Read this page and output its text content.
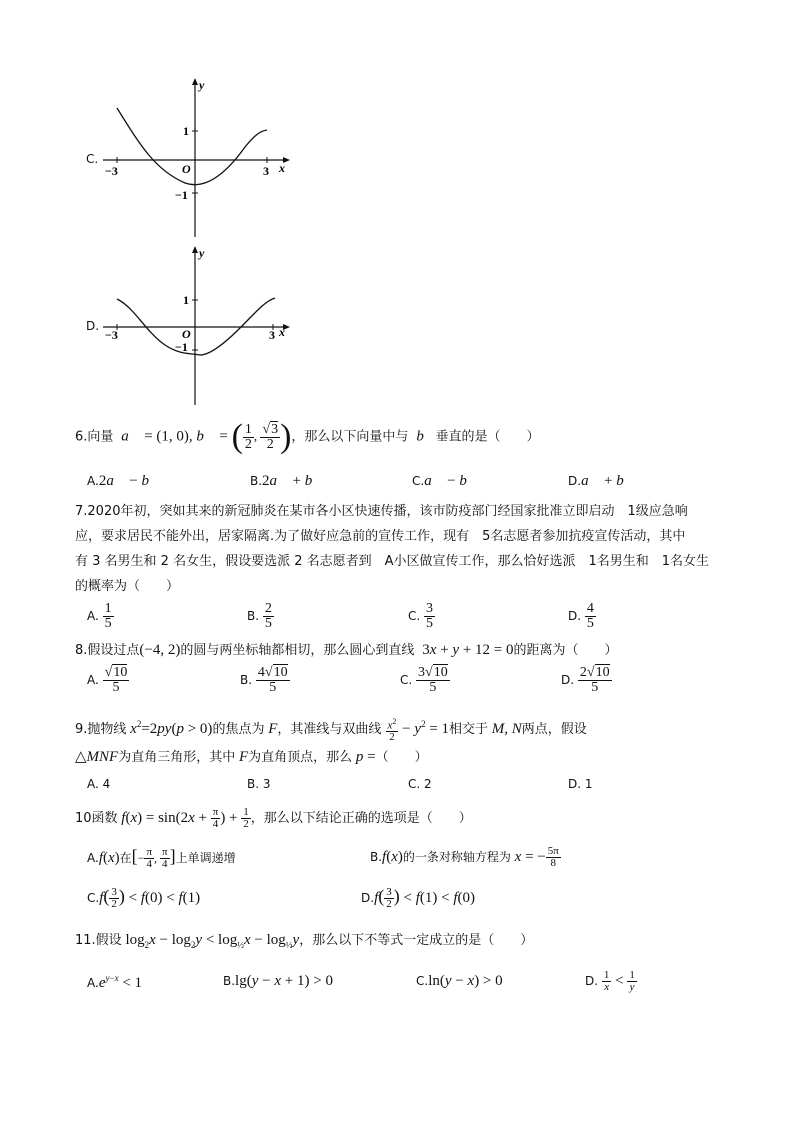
C.
y
x
O
1
−1
−3	3
D.
y
x
O
1
−1
−3	3
6.向量  a⃗ = (1, 0), b⃗ = ( $\frac{1}{2}$ , $\frac{√3}{2}$ )，那么以下向量中与  b⃗垂直的是（　　）
A.2a⃗ − b⃗	B.2a⃗ + b⃗	C.a⃗ − b⃗	D.a⃗ + b⃗
7.2020年初，突如其来的新冠肺炎在某市各小区快速传播，该市防疫部门经国家批准立即启动　1级应急响
应，要求居民不能外出，居家隔离.为了做好应急前的宣传工作，现有　5名志愿者参加抗疫宣传活动，其中
有 3 名男生和 2 名女生，假设要选派 2 名志愿者到　A小区做宣传工作，那么恰好选派　1名男生和　1名女生
的概率为（　　）
A. $\frac{1}{5}$	B. $\frac{2}{5}$	C. $\frac{3}{5}$	D. $\frac{4}{5}$
8.假设过点(−4, 2)的圆与两坐标轴都相切，那么圆心到直线  3x + y + 12 = 0的距离为（　　）
A. $\frac{√10}{5}$	B. $\frac{4√10}{5}$	C. $\frac{3√10}{5}$	D. $\frac{2√10}{5}$
9.抛物线 $x^2=2py(p > 0)$的焦点为 F，其准线与双曲线 $\frac{x^2}{2} - y^2 = 1$相交于 M, N两点，假设
△MNF为直角三角形，其中 F为直角顶点，那么 p =（　　）
A. 4	B. 3	C. 2	D. 1
10函数 $f(x) = \sin(2x + \frac{\pi}{4}$ ) + $\frac{1}{2}$ ，那么以下结论正确的选项是（　　）
A.f(x)在[− $\frac{\pi}{4}$ , $\frac{\pi}{4}$ ]上单调递增	B.f(x)的一条对称轴方程为 x = − $\frac{5\pi}{8}$
$C.f( \frac{3}{2}$ ) < f(0) < f(1)	$D.f( \frac{3}{2}$ ) < f(1) < f(0)
11.假设 $\log_2x - \log_2y < \log_{\frac{1}{2}}x - \log_{\frac{1}{2}}y$，那么以下不等式一定成立的是（　　）
$A.e^{y-x} < 1$	B.lg(y − x + 1) > 0	C.ln(y − x) > 0	D. $\frac{1}{x} < \frac{1}{y}$
